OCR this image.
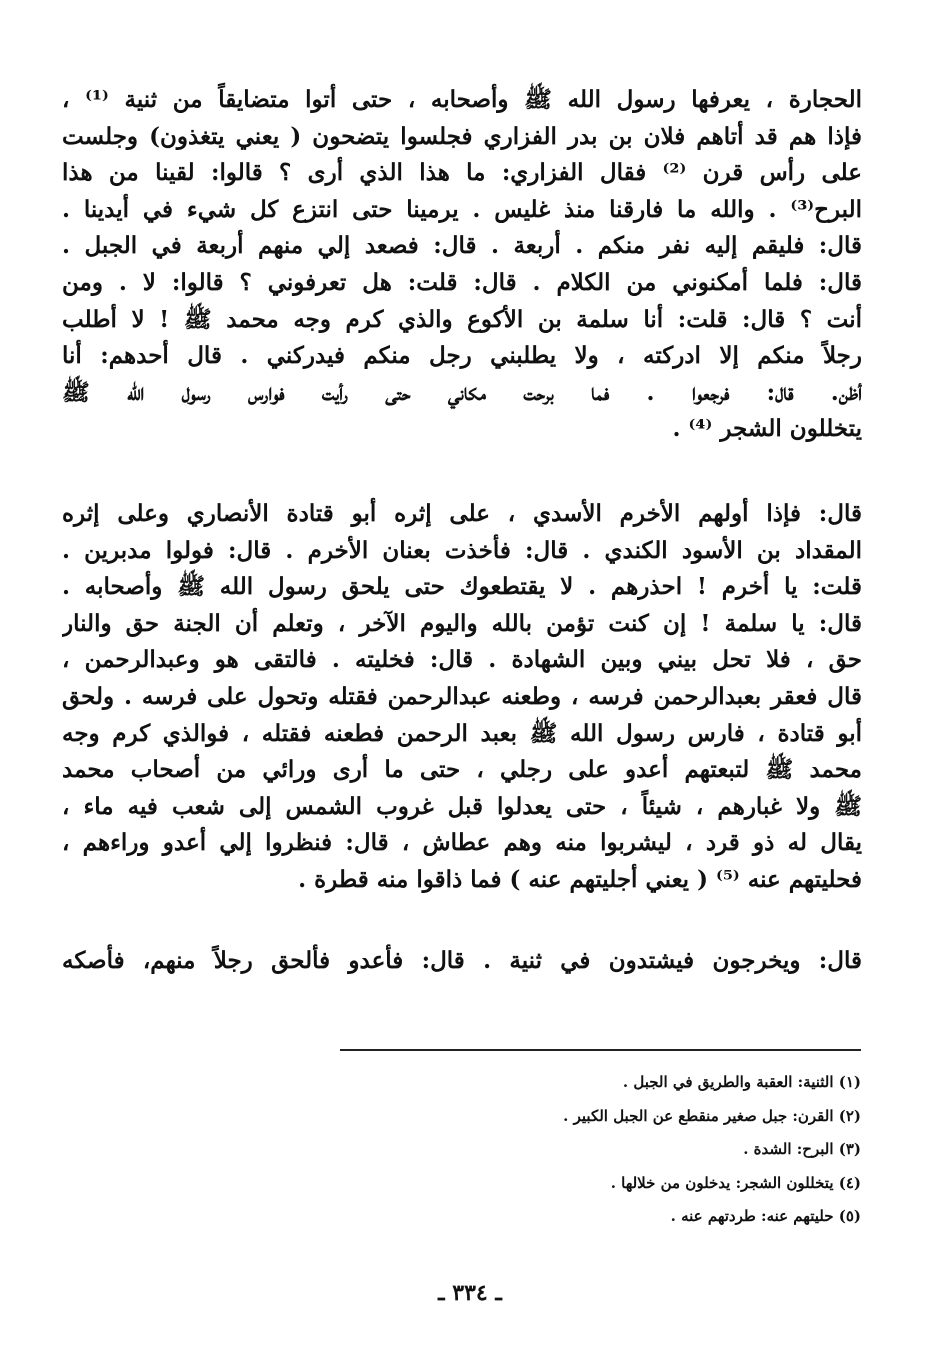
الحجارة ، يعرفها رسول الله ﷺ وأصحابه ، حتى أتوا متضايقاً من ثنية ⁽¹⁾ ،
فإذا هم قد أتاهم فلان بن بدر الفزاري فجلسوا يتضحون ( يعني يتغذون) وجلست
على رأس قرن ⁽²⁾ فقال الفزاري: ما هذا الذي أرى ؟ قالوا: لقينا من هذا
البرح⁽³⁾ . والله ما فارقنا منذ غليس . يرمينا حتى انتزع كل شيء في أيدينا .
قال: فليقم إليه نفر منكم . أربعة . قال: فصعد إلي منهم أربعة في الجبل .
قال: فلما أمكنوني من الكلام . قال: قلت: هل تعرفوني ؟ قالوا: لا . ومن
أنت ؟ قال: قلت: أنا سلمة بن الأكوع والذي كرم وجه محمد ﷺ ! لا أطلب
رجلاً منكم إلا ادركته ، ولا يطلبني رجل منكم فيدركني . قال أحدهم: أنا
أظن. قال: فرجعوا . فما برحت مكاني حتى رأيت فوارس رسول الله ﷺ
يتخللون الشجر ⁽⁴⁾ .
قال: فإذا أولهم الأخرم الأسدي ، على إثره أبو قتادة الأنصاري وعلى إثره
المقداد بن الأسود الكندي . قال: فأخذت بعنان الأخرم . قال: فولوا مدبرين .
قلت: يا أخرم ! احذرهم . لا يقتطعوك حتى يلحق رسول الله ﷺ وأصحابه .
قال: يا سلمة ! إن كنت تؤمن بالله واليوم الآخر ، وتعلم أن الجنة حق والنار
حق ، فلا تحل بيني وبين الشهادة . قال: فخليته . فالتقى هو وعبدالرحمن ،
قال فعقر بعبدالرحمن فرسه ، وطعنه عبدالرحمن فقتله وتحول على فرسه . ولحق
أبو قتادة ، فارس رسول الله ﷺ بعبد الرحمن فطعنه فقتله ، فوالذي كرم وجه
محمد ﷺ لتبعتهم أعدو على رجلي ، حتى ما أرى ورائي من أصحاب محمد
ﷺ ولا غبارهم ، شيئاً ، حتى يعدلوا قبل غروب الشمس إلى شعب فيه ماء ،
يقال له ذو قرد ، ليشربوا منه وهم عطاش ، قال: فنظروا إلي أعدو وراءهم ،
فحليتهم عنه ⁽⁵⁾ ( يعني أجليتهم عنه ) فما ذاقوا منه قطرة .
قال: ويخرجون فيشتدون في ثنية . قال: فأعدو فألحق رجلاً منهم، فأصكه
(١) الثنية: العقبة والطريق في الجبل .
(٢) القرن: جبل صغير منقطع عن الجبل الكبير .
(٣) البرح: الشدة .
(٤) يتخللون الشجر: يدخلون من خلالها .
(٥) حليتهم عنه: طردتهم عنه .
ـ ٣٣٤ ـ
